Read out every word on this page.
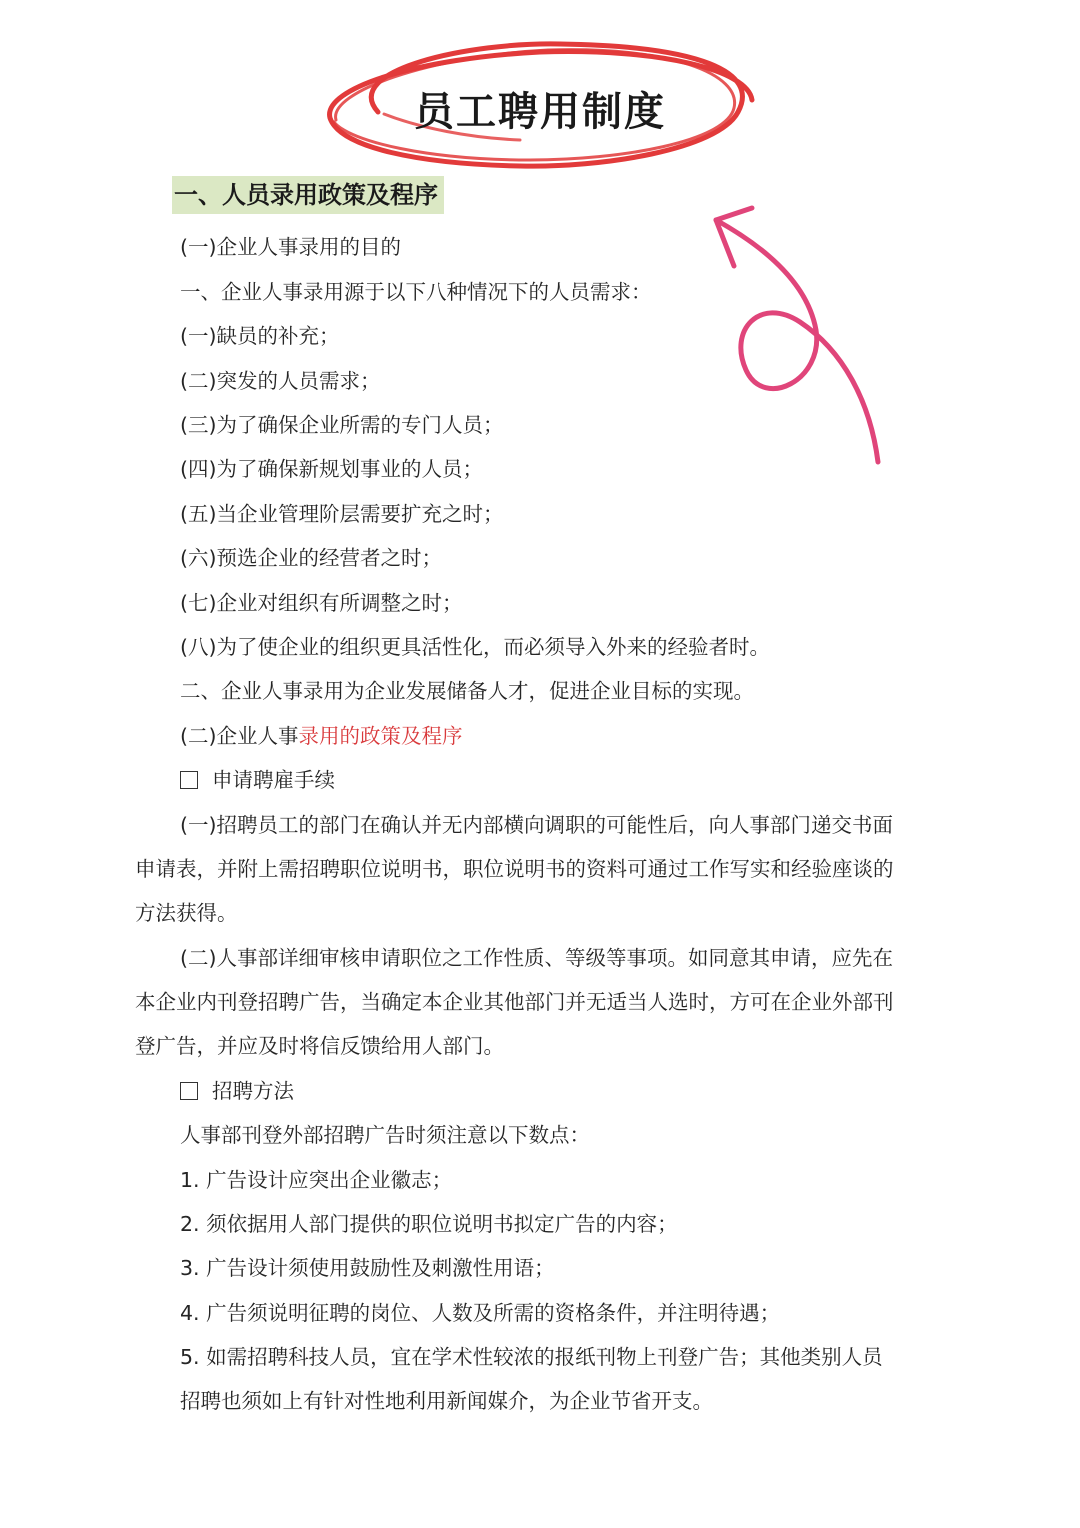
员工聘用制度
一、人员录用政策及程序
(一)企业人事录用的目的
一、企业人事录用源于以下八种情况下的人员需求：
(一)缺员的补充；
(二)突发的人员需求；
(三)为了确保企业所需的专门人员；
(四)为了确保新规划事业的人员；
(五)当企业管理阶层需要扩充之时；
(六)预选企业的经营者之时；
(七)企业对组织有所调整之时；
(八)为了使企业的组织更具活性化，而必须导入外来的经验者时。
二、企业人事录用为企业发展储备人才，促进企业目标的实现。
(二)企业人事录用的政策及程序
申请聘雇手续
(一)招聘员工的部门在确认并无内部横向调职的可能性后，向人事部门递交书面
申请表，并附上需招聘职位说明书，职位说明书的资料可通过工作写实和经验座谈的
方法获得。
(二)人事部详细审核申请职位之工作性质、等级等事项。如同意其申请，应先在
本企业内刊登招聘广告，当确定本企业其他部门并无适当人选时，方可在企业外部刊
登广告，并应及时将信反馈给用人部门。
招聘方法
人事部刊登外部招聘广告时须注意以下数点：
1. 广告设计应突出企业徽志；
2. 须依据用人部门提供的职位说明书拟定广告的内容；
3. 广告设计须使用鼓励性及刺激性用语；
4. 广告须说明征聘的岗位、人数及所需的资格条件，并注明待遇；
5. 如需招聘科技人员，宜在学术性较浓的报纸刊物上刊登广告；其他类别人员
招聘也须如上有针对性地利用新闻媒介，为企业节省开支。
